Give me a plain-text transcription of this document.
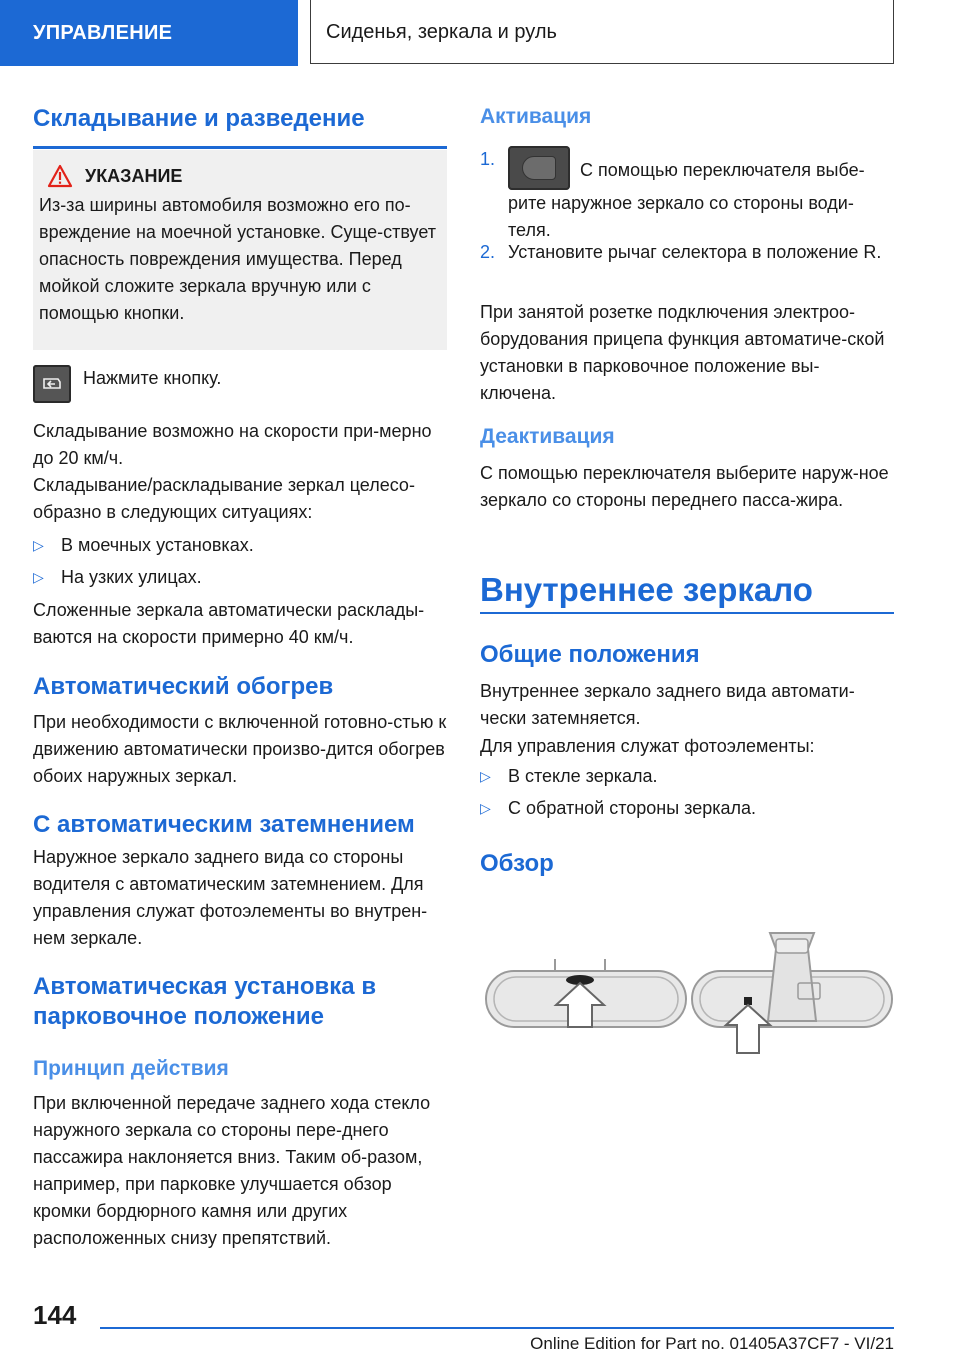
УПРАВЛЕНИЕ	Сиденья, зеркала и руль
Складывание и разведение
УКАЗАНИЕ

Из-за ширины автомобиля возможно его по-вреждение на моечной установке. Суще-ствует опасность повреждения имущества. Перед мойкой сложите зеркала вручную или с помощью кнопки.

Нажмите кнопку.

Складывание возможно на скорости при-мерно до 20 км/ч.

Складывание/раскладывание зеркал целесо-образно в следующих ситуациях:

▷ В моечных установках.

▷ На узких улицах.

Сложенные зеркала автоматически расклады-ваются на скорости примерно 40 км/ч.

Автоматический обогрев

При необходимости с включенной готовно-стью к движению автоматически произво-дится обогрев обоих наружных зеркал.

С автоматическим затемнением

Наружное зеркало заднего вида со стороны водителя с автоматическим затемнением. Для управления служат фотоэлементы во внутрен-нем зеркале.

Автоматическая установка в парковочное положение
Принцип действия

При включенной передаче заднего хода стекло наружного зеркала со стороны пере-днего пассажира наклоняется вниз. Таким об-разом, например, при парковке улучшается обзор кромки бордюрного камня или других расположенных снизу препятствий.

Активация
1.

С помощью переключателя выбе-рите наружное зеркало со стороны води-теля.

2. Установите рычаг селектора в положение R.

При занятой розетке подключения электроо-борудования прицепа функция автоматиче-ской установки в парковочное положение вы-ключена.

Деактивация

С помощью переключателя выберите наруж-ное зеркало со стороны переднего пасса-жира.

Внутреннее зеркало
Общие положения

Внутреннее зеркало заднего вида автомати-чески затемняется.

Для управления служат фотоэлементы:

▷ В стекле зеркала.

▷ С обратной стороны зеркала.

Обзор
144
Online Edition for Part no. 01405A37CF7 - VI/21
